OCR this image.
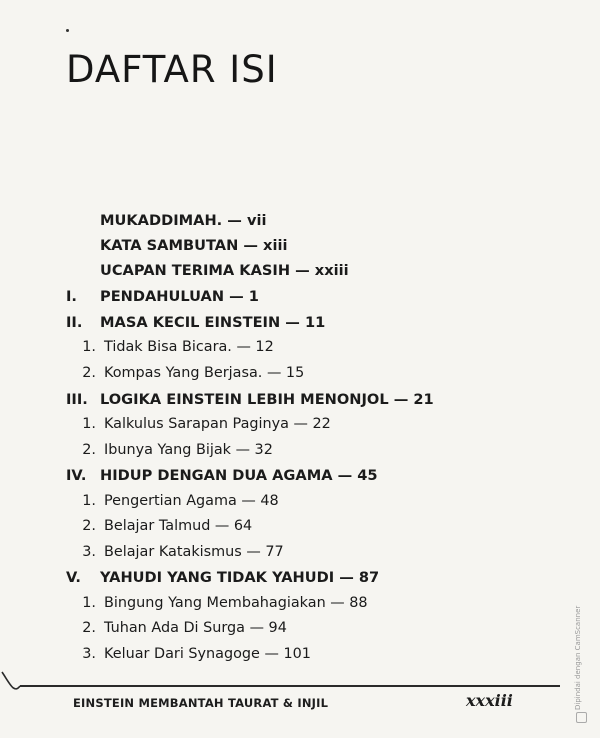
DAFTAR ISI
MUKADDIMAH. — vii
KATA SAMBUTAN — xiii
UCAPAN TERIMA KASIH — xxiii
I. PENDAHULUAN — 1
II. MASA KECIL EINSTEIN — 11
1. Tidak Bisa Bicara. — 12
2. Kompas Yang Berjasa. — 15
III. LOGIKA EINSTEIN LEBIH MENONJOL — 21
1. Kalkulus Sarapan Paginya — 22
2. Ibunya Yang Bijak — 32
IV. HIDUP DENGAN DUA AGAMA — 45
1. Pengertian Agama — 48
2. Belajar Talmud — 64
3. Belajar Katakismus — 77
V. YAHUDI YANG TIDAK YAHUDI — 87
1. Bingung Yang Membahagiakan — 88
2. Tuhan Ada Di Surga — 94
3. Keluar Dari Synagoge — 101
EINSTEIN MEMBANTAH TAURAT & INJIL	xxxiii	Dipindai dengan CamScanner
